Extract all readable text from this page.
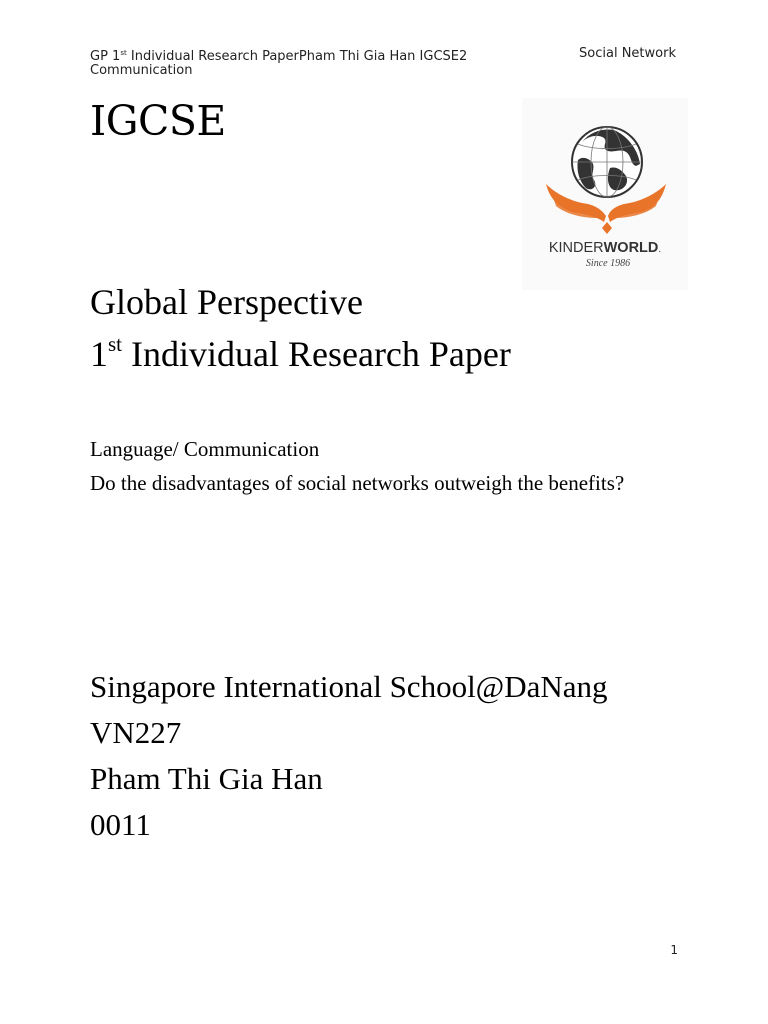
GP 1st Individual Research PaperPham Thi Gia Han IGCSE2	Social Network
Communication
IGCSE
KINDERWORLD.
Since 1986
Global Perspective
1st Individual Research Paper
Language/ Communication
Do the disadvantages of social networks outweigh the benefits?
Singapore International School@DaNang
VN227
Pham Thi Gia Han
0011
1
